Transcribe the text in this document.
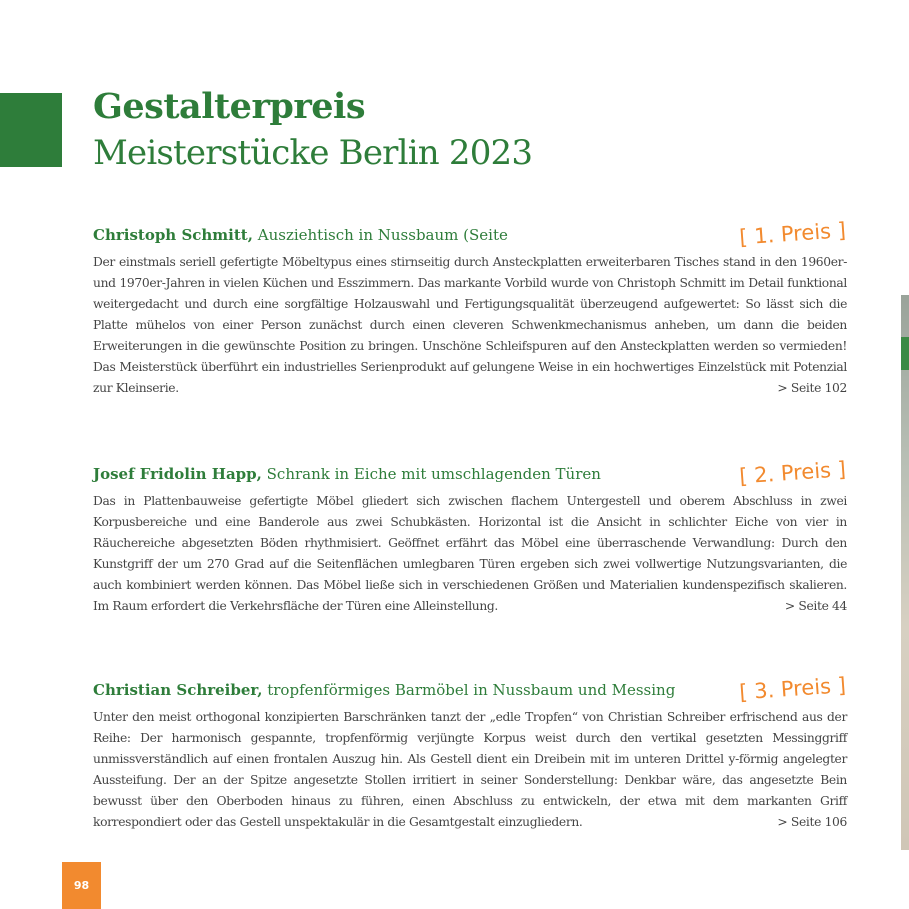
Gestalterpreis
Meisterstücke Berlin 2023
Christoph Schmitt, Ausziehtisch in Nussbaum (Seite	[ 1. Preis ]
Der einstmals seriell gefertigte Möbeltypus eines stirnseitig durch Ansteckplatten erweiterbaren Tisches stand in den 1960er- und 1970er-Jahren in vielen Küchen und Esszimmern. Das markante Vorbild wurde von Christoph Schmitt im Detail funktional weitergedacht und durch eine sorgfältige Holzauswahl und Fertigungsqualität überzeugend aufgewertet: So lässt sich die Platte mühelos von einer Person zunächst durch einen cleveren Schwenkmechanismus anheben, um dann die beiden Erweiterungen in die gewünschte Position zu bringen. Unschöne Schleifspuren auf den Ansteckplatten werden so vermieden! Das Meisterstück überführt ein industrielles Serienprodukt auf gelungene Weise in ein hochwertiges Einzelstück mit Potenzial zur Kleinserie.	> Seite 102
Josef Fridolin Happ, Schrank in Eiche mit umschlagenden Türen	[ 2. Preis ]
Das in Plattenbauweise gefertigte Möbel gliedert sich zwischen flachem Untergestell und oberem Abschluss in zwei Korpusbereiche und eine Banderole aus zwei Schubkästen. Horizontal ist die Ansicht in schlichter Eiche von vier in Räuchereiche abgesetzten Böden rhythmisiert. Geöffnet erfährt das Möbel eine überraschende Verwandlung: Durch den Kunstgriff der um 270 Grad auf die Seitenflächen umlegbaren Türen ergeben sich zwei vollwertige Nutzungsvarianten, die auch kombiniert werden können. Das Möbel ließe sich in verschiedenen Größen und Materialien kundenspezifisch skalieren. Im Raum erfordert die Verkehrsfläche der Türen eine Alleinstellung.	> Seite 44
Christian Schreiber, tropfenförmiges Barmöbel in Nussbaum und Messing	[ 3. Preis ]
Unter den meist orthogonal konzipierten Barschränken tanzt der „edle Tropfen“ von Christian Schreiber erfrischend aus der Reihe: Der harmonisch gespannte, tropfenförmig verjüngte Korpus weist durch den vertikal gesetzten Messinggriff unmissverständlich auf einen frontalen Auszug hin. Als Gestell dient ein Dreibein mit im unteren Drittel y-förmig angelegter Aussteifung. Der an der Spitze angesetzte Stollen irritiert in seiner Sonderstellung: Denkbar wäre, das angesetzte Bein bewusst über den Oberboden hinaus zu führen, einen Abschluss zu entwickeln, der etwa mit dem markanten Griff korrespondiert oder das Gestell unspektakulär in die Gesamtgestalt einzugliedern.	> Seite 106
98
